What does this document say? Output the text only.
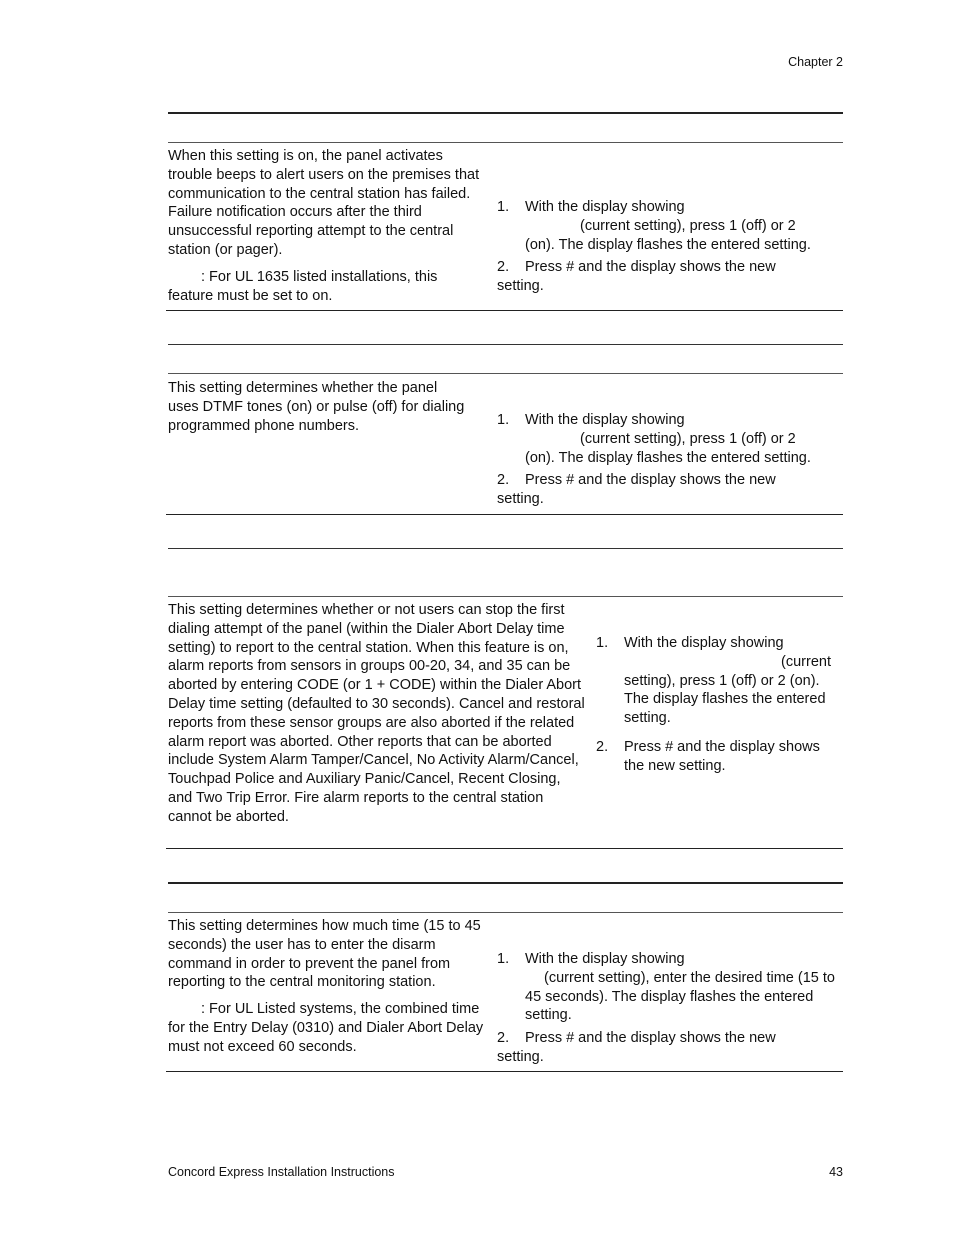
Chapter 2

When this setting is on, the panel activates trouble beeps to alert users on the premises that communication to the central station has failed. Failure notification occurs after the third unsuccessful reporting attempt to the central station (or pager).

: For UL 1635 listed installations, this feature must be set to on.

1. With the display showing
(current setting), press 1 (off) or 2
(on). The display flashes the entered setting.
2. Press # and the display shows the new
setting.

This setting determines whether the panel uses DTMF tones (on) or pulse (off) for dialing programmed phone numbers.	1. With the display showing
(current setting), press 1 (off) or 2
(on). The display flashes the entered setting.
2. Press # and the display shows the new
setting.

This setting determines whether or not users can stop the first dialing attempt of the panel (within the Dialer Abort Delay time setting) to report to the central station. When this feature is on, alarm reports from sensors in groups 00-20, 34, and 35 can be aborted by entering CODE (or 1 + CODE) within the Dialer Abort Delay time setting (defaulted to 30 seconds). Cancel and restoral reports from these sensor groups are also aborted if the related alarm report was aborted. Other reports that can be aborted include System Alarm Tamper/Cancel, No Activity Alarm/Cancel, Touchpad Police and Auxiliary Panic/Cancel, Recent Closing, and Two Trip Error. Fire alarm reports to the central station cannot be aborted.

1. With the display showing
(current
setting), press 1 (off) or 2 (on). The display flashes the entered setting.
2. Press # and the display shows the new setting.

This setting determines how much time (15 to 45 seconds) the user has to enter the disarm command in order to prevent the panel from reporting to the central monitoring station.

: For UL Listed systems, the combined time for the Entry Delay (0310) and Dialer Abort Delay must not exceed 60 seconds.

1. With the display showing
(current setting), enter the desired time (15 to 45 seconds). The display flashes the entered setting.
2. Press # and the display shows the new
setting.
Concord Express Installation Instructions	43
